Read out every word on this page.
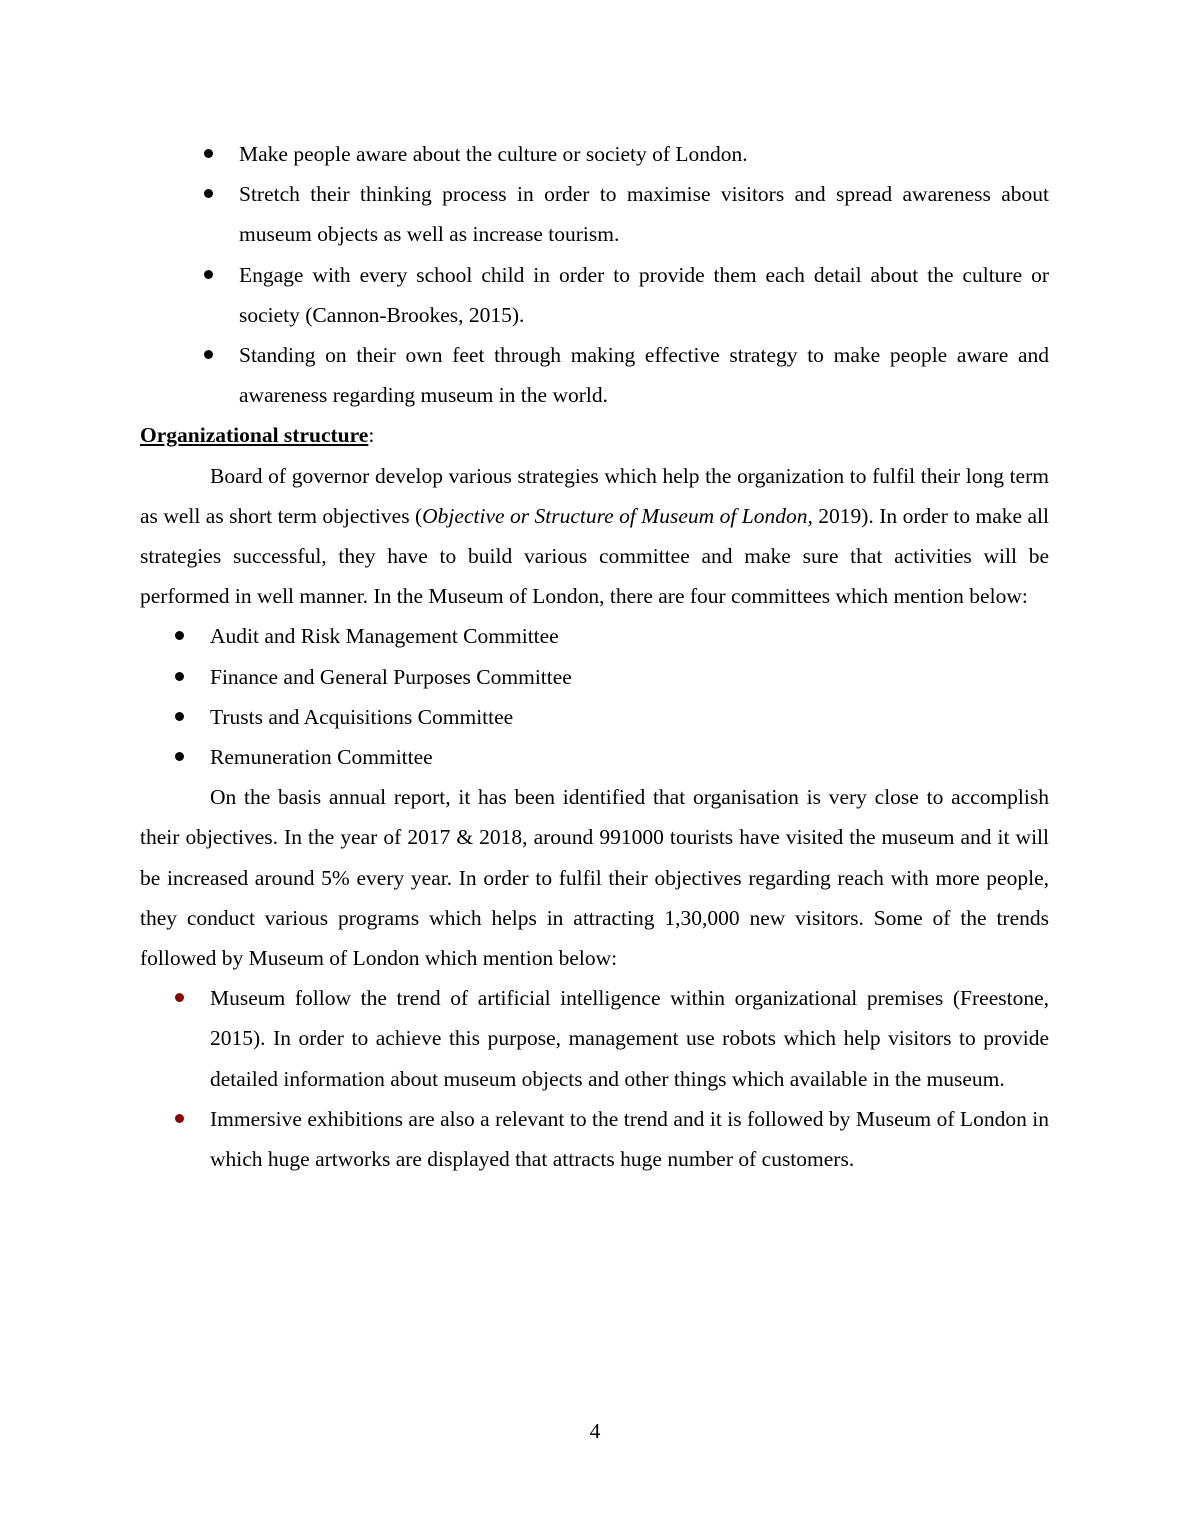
Make people aware about the culture or society of London.
Stretch their thinking process in order to maximise visitors and spread awareness about museum objects as well as increase tourism.
Engage with every school child in order to provide them each detail about the culture or society (Cannon-Brookes, 2015).
Standing on their own feet through making effective strategy to make people aware and awareness regarding museum in the world.

Organizational structure:

Board of governor develop various strategies which help the organization to fulfil their long term as well as short term objectives (Objective or Structure of Museum of London, 2019). In order to make all strategies successful, they have to build various committee and make sure that activities will be performed in well manner. In the Museum of London, there are four committees which mention below:

Audit and Risk Management Committee
Finance and General Purposes Committee
Trusts and Acquisitions Committee
Remuneration Committee

On the basis annual report, it has been identified that organisation is very close to accomplish their objectives. In the year of 2017 & 2018, around 991000 tourists have visited the museum and it will be increased around 5% every year. In order to fulfil their objectives regarding reach with more people, they conduct various programs which helps in attracting 1,30,000 new visitors. Some of the trends followed by Museum of London which mention below:

Museum follow the trend of artificial intelligence within organizational premises (Freestone, 2015). In order to achieve this purpose, management use robots which help visitors to provide detailed information about museum objects and other things which available in the museum.
Immersive exhibitions are also a relevant to the trend and it is followed by Museum of London in which huge artworks are displayed that attracts huge number of customers.
4
